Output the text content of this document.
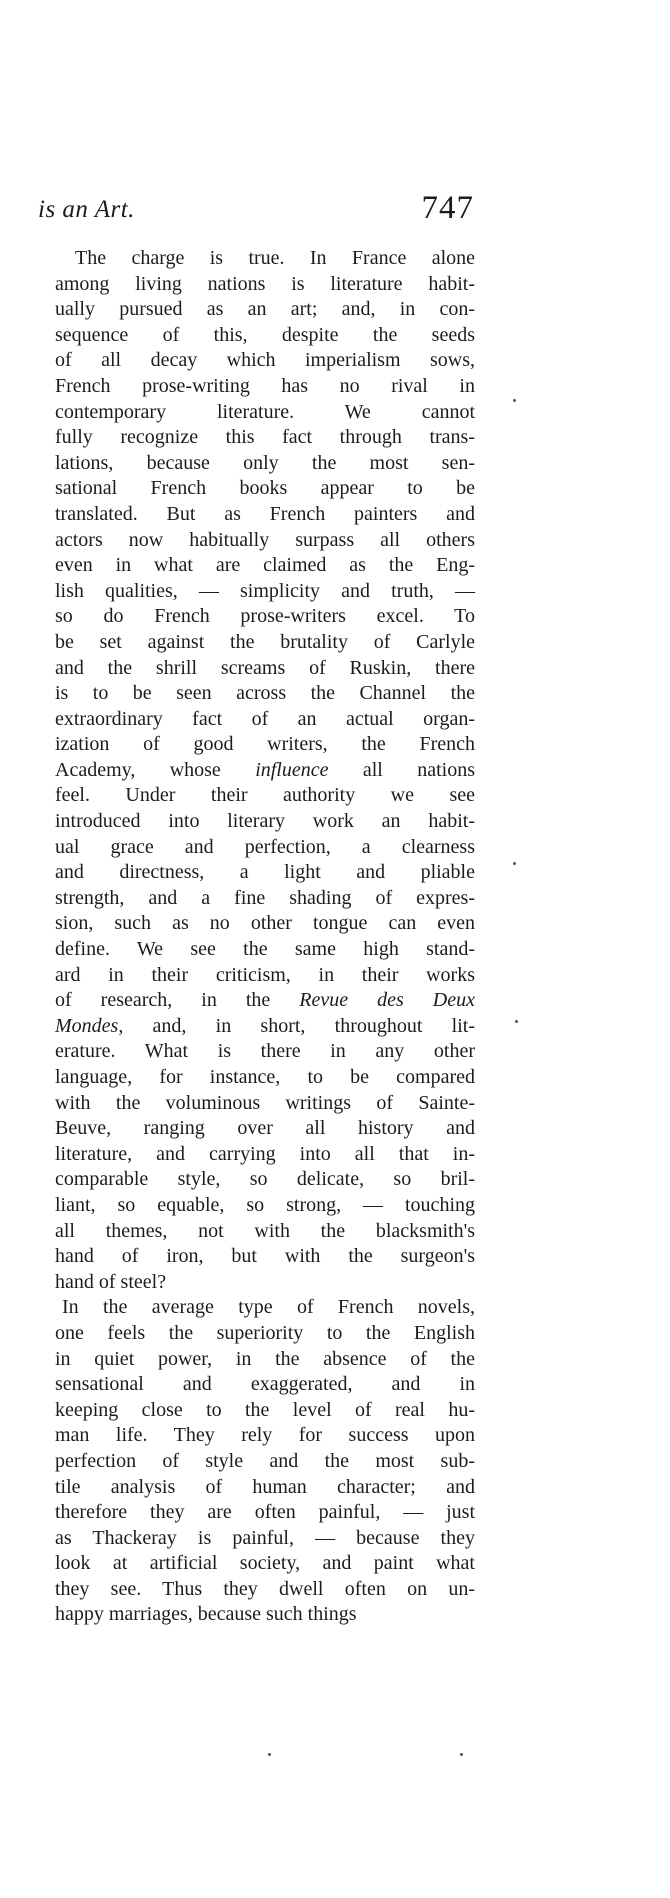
is an Art.	747
The charge is true. In France alone
among living nations is literature habit-
ually pursued as an art; and, in con-
sequence of this, despite the seeds
of all decay which imperialism sows,
French prose-writing has no rival in
contemporary literature. We cannot
fully recognize this fact through trans-
lations, because only the most sen-
sational French books appear to be
translated. But as French painters and
actors now habitually surpass all others
even in what are claimed as the Eng-
lish qualities, — simplicity and truth, —
so do French prose-writers excel. To
be set against the brutality of Carlyle
and the shrill screams of Ruskin, there
is to be seen across the Channel the
extraordinary fact of an actual organ-
ization of good writers, the French
Academy, whose influence all nations
feel. Under their authority we see
introduced into literary work an habit-
ual grace and perfection, a clearness
and directness, a light and pliable
strength, and a fine shading of expres-
sion, such as no other tongue can even
define. We see the same high stand-
ard in their criticism, in their works
of research, in the Revue des Deux
Mondes, and, in short, throughout lit-
erature. What is there in any other
language, for instance, to be compared
with the voluminous writings of Sainte-
Beuve, ranging over all history and
literature, and carrying into all that in-
comparable style, so delicate, so bril-
liant, so equable, so strong, — touching
all themes, not with the blacksmith's
hand of iron, but with the surgeon's
hand of steel?
In the average type of French novels,
one feels the superiority to the English
in quiet power, in the absence of the
sensational and exaggerated, and in
keeping close to the level of real hu-
man life. They rely for success upon
perfection of style and the most sub-
tile analysis of human character; and
therefore they are often painful, — just
as Thackeray is painful, — because they
look at artificial society, and paint what
they see. Thus they dwell often on un-
happy marriages, because such things
